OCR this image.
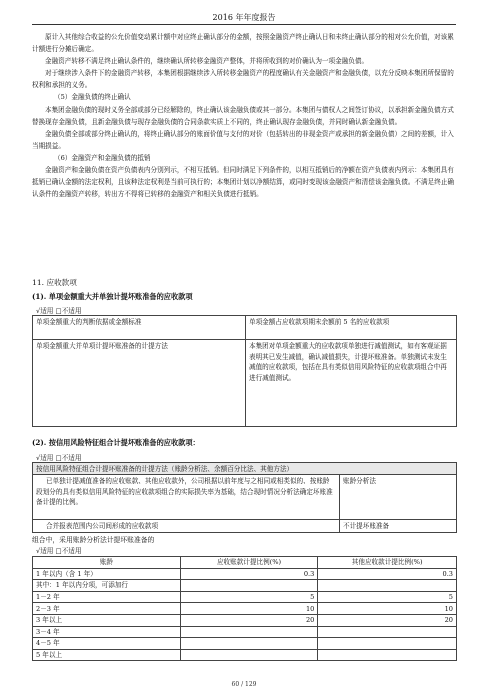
2016 年年度报告

原计入其他综合收益的公允价值变动累计额中对应终止确认部分的金额，按照金融资产终止确认日和未终止确认部分的相对公允价值，对该累计额进行分摊后确定。

金融资产转移不满足终止确认条件的，继续确认所转移金融资产整体，并将所收到的对价确认为一项金融负债。

对于继续涉入条件下的金融资产转移，本集团根据继续涉入所转移金融资产的程度确认有关金融资产和金融负债，以充分反映本集团所保留的权利和承担的义务。

（5）金融负债的终止确认

本集团金融负债的现时义务全部或部分已经解除的，终止确认该金融负债或其一部分。本集团与债权人之间签订协议，以承担新金融负债方式替换现存金融负债，且新金融负债与现存金融负债的合同条款实质上不同的，终止确认现存金融负债，并同时确认新金融负债。

金融负债全部或部分终止确认的，将终止确认部分的账面价值与支付的对价（包括转出的非现金资产或承担的新金融负债）之间的差额，计入当期损益。

（6）金融资产和金融负债的抵销

金融资产和金融负债在资产负债表内分别列示，不相互抵销。但同时满足下列条件的，以相互抵销后的净额在资产负债表内列示：本集团具有抵销已确认金额的法定权利，且该种法定权利是当前可执行的；本集团计划以净额结算，或同时变现该金融资产和清偿该金融负债。不满足终止确认条件的金融资产转移，转出方不得将已转移的金融资产和相关负债进行抵销。

11. 应收款项
(1). 单项金额重大并单独计提坏账准备的应收款项
√适用 □不适用
单项金额重大的判断依据或金额标准	单项金额占应收款项期末余额前 5 名的应收款项
单项金额重大并单项计提坏账准备的计提方法	本集团对单项金额重大的应收款项单独进行减值测试，如有客观证据表明其已发生减值，确认减值损失，计提坏账准备。单独测试未发生减值的应收款项，包括在具有类似信用风险特征的应收款项组合中再进行减值测试。
(2). 按信用风险特征组合计提坏账准备的应收款项：
√适用 □不适用
按信用风险特征组合计提坏账准备的计提方法（账龄分析法、余额百分比法、其他方法）
已单独计提减值准备的应收账款、其他应收款外，公司根据以前年度与之相同或相类似的、按账龄段划分的具有类似信用风险特征的应收款项组合的实际损失率为基础，结合现时情况分析法确定坏账准备计提的比例。
账龄分析法
合并报表范围内公司间形成的应收款项	不计提坏账准备
组合中，采用账龄分析法计提坏账准备的
√适用 □不适用
账龄	应收账款计提比例(%)	其他应收款计提比例(%)
1 年以内（含 1 年）	0.3	0.3
其中：1 年以内分项，可添加行		
1－2 年	5	5
2－3 年	10	10
3 年以上	20	20
3－4 年		
4－5 年		
5 年以上		
60 / 129
